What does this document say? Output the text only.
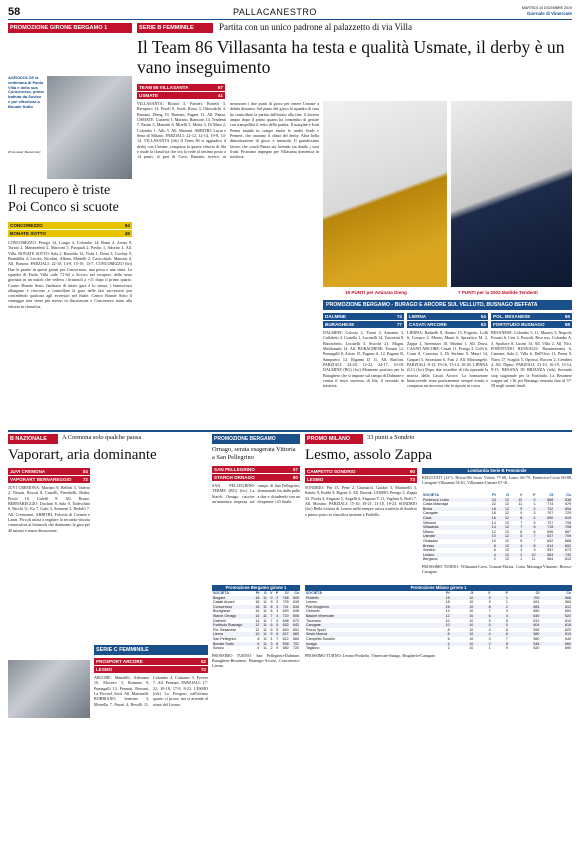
58	PALLACANESTRO	MARTEDÌ 10 DICEMBRE 2019
Giornale di Vimercate
PROMOZIONE GIRONE BERGAMO 1	SERIE B FEMMINILE	Partita con un unico padrone al palazzetto di via Villa
Il Team 86 Villasanta ha testa e qualità Usmate, il derby è un vano inseguimento
AGRODOLCE la settimana di Paolo Villa e della sua Concorezzo, prima battuta da Sovico e poi vittoriosa a Bonate Sotto
(Foto Alzar Buzzemimi)
Il recupero è triste Poi Conco si scuote
CONCOREZZO	64
BONATE SOTTO	45
CONCOREZZO: Perego 14, Longo 4, Colombo 14, Rami 4, Arena 8, Turato 2, Mammeletti 2, Marconi 5, Pasquali 2, Pavlin 1, Adorno 4. All. Villa. BONATE SOTTO: Sala 2, Rimoldo 14, Viola 1, Dossi 3, Govhay 9, Brambilla 4, Lecchi, Nicolini, Albani, Martelli 2, Cavicchioli, Mancini 4. All. Bonora. PARZIALI: 22-10, 14-9, 15-19, 13-7. CONCOREZZO (bo) Due le partite in questi giorni per Concorezzo, una persa e una vinta. La squadra di Paolo Villa cade 71-64 a Sovico nel recupero della sesta giornata in un match che vedeva i brianzoli a +11 dopo il primo quarto. Contro Bonate Sotto l'andazzo di inizio gara è lo stesso, i biancorossi allungano e riescono a controllare la gara nelle fasi successive pur concedendo qualcosa agli avversari nel finale. Contro Bonate Sotto il vantaggio non viene più messo in discussione e Concorezzo torna alla vittoria in classifica.
TEAM 86 VILLASANTA	67
USMATE	41
VILLASANTA: Bottari 3, Parueri, Bonetti 3, Recupero 13, Peroli 8, Sordi, Rossi 3, Odescalchi 4, Bassani, Dieng 19, Bonomi, Pagani 12. All. Panza. USMATE: Guzzetti 1, Marano, Bianconi 13, Tendenti 7, Pasini 5, Manzini 6, Mirelli 5, Motta 3, Di Maio 2, Colombo 1. Allo 5. All. Mamini. ARBITRI: Lucia e Sena di Milano. PARZIALI: 22-12, 12-14, 19-8, 14-14. VILLASANTA (fdr) Il Team 86 si aggiudica il derby con Usmate, conquista la quarta vittoria di fila e risale la classifica che ora la vede al settimo posto a 14 punti, al pari di Cava. Bastano, invece, ai nerazzurri i due punti di gioco per tenere Usmate a debita distanza. Sul piano del gioco la squadra di casa ha controllato la partita dall'inizio alla fine, il divario ampio dopo il primo quarto ha consentito di gestire con tranquillità il resto della partita. Il margine e Ivan Penna manda in campo anche le under Sordi e Pennerì, che onorano il clima del derby. Altra bella dimostrazione di gioco e intensità. Il grandissimo lavoro che coach Panza sta facendo sta dando i suoi frutti. Prossimo impegno per Villasanta domenica in trasferta.
19 PUNTI per Aminata Dieng	7 PUNTI per la 2002 Matilde Tendenti
PROMOZIONE BERGAMO - BURAGO E ARCORE SUL VELLUTO, BUSNAGO BEFFATA
DALMINE	74
BURAGHESE	77
DALMINE: Colosio 2, Tironi 3, Armanin 3, Caffoletti 4, Cortella 1, Locatelli 14, Vaccarini 8, Barzachetti, Locatelli 3, Stucchi 21, Magni, Maldonado 14. All. BURAGHESE: Tomasi 12, Pumagalli 8, Aristo 15, Pagano A. 12, Pagano B, Sampietro 12, Riganni D 11. All. Ruffoni. PARZIALI: 24-20, 12-22, 24-17, 16-18. DALMINE (BG) (fsc) Momento positivo per la Buraghese che si impone sul campo di Dalmine e centra il terzo successo di fila, il secondo in trasferta.
LIERNA	54
CASATI ARCORE	63
LIERNA: Radaelli 8, Amato 13, Frigerio, Lolli 6, Corsaro 2, Meraz, Mauri 6, Spreafico M. 2, Zappa 2, Invernizzi 10, Martini 1. All. Dossi. CASATI ARCORE: Casati 11, Perego 2, Colli 6, Comi 8, Caravina 3, Di Stefano 9, Mauri 14, Gaspari 5, Savastano 6, Fusi 2. All. Mistrangelo. PARZIALI: 8-13, 19-16, 15-14, 10-20. LIERNA (LC) (fsc) Dopo due sconfitte di fila riprende la marcia della Casati Arcore. La formazione biancoverde tenta praticamente sempre avanti e conquista un successo che la riporta in corsa.
POL. BESANESE	59
FORTITUDO BUSNAGO	58
BESANESE: Colombo 5, 11, Massey 5, Negroli, Fossati 6, Cesi 2, Pozzoli, Rive mo, Colombo A. 3, Spoltore 8, Lucini 14. All. Villa 2. All. Nici. FORTITUDO BUSNAGO: Bussaminnesi 6, Catenaz, Sala 2, Villa 6, Dell'Orto 11, Perna 9, Nava 17, Scaglia 5, Oprisso, Ruccea 2, Cemberi 4. All. Dipno. PARZIALI: 21-10, 16-19, 13-14, 9-15. BESANA IN BRIANZA (eds) Secondo stop stagionale per la Fortitudo. La Besanese scappa sul +16 poi Busnago rimonta fino al 57-58 negli istanti finali.
B NAZIONALE	A Cremona solo qualche pausa
Vaporart, aria dominante
JUVI CREMONA	54
VAPORART BERNAREGGIO 72
JUVI CREMONA: Mariani 9, Bellini 3, Valerio 2, Nissan, Boccai 8, Castelli, Pierobelli, Barba, Pesch 10, Gafelli 8. All. Bruno. BERNAREGGIO: Duchini 8, Sala 9, Todeschini 6, Bicchi 11, Ka 7, Gatti 3, Ammoni 3, Redolfi 7. All. Cremonesi. ARBITRI: Falcetto di Civanio e Lanzi. Piccoli inizia a regalare la seconda vittoria consecutiva ai brianzoli che dominano la gara per 40 minuti e senza discussione.
SERIE C FEMMINILE
PROSPORT ARCORE	52
LESMO	72
ARCORE: Mandelli, Adesamo 10, Mocavo 3, Romano 9, Pumagalli 13, Pennuti, Borsani, La Piccirel, Sivri. All. Martinelli. ROBBIANO: Ienerino 3, Motrella 7, Pasari 4, Revelli 11, Colombo 4, Cattaneo 3, Fevero 7. All. Penzani. PARZIALI: 17-22, 10-18, 17-9, 8-23. LESMO (ctk) Lo Prosport nell'ultimo quarto ci prova, ma si arrende al ritmo del Lesmo.
PROMOZIONE BERGAMO
Ornago, serata esagerata Vittoria a San Pellegrino
SAN PELLEGRINO	57
STARCH ORNAGO	80
SAN PELLEGRINO TERME (BG) (fsc) La Starch Ornago riscrive un'autentica impresa sul campo di San Pellegrino, dominando fin dalla palla a due e chiudendo con un eloquente +23 finale.
Promozione Bergamo girone 1
SOCIETÀ	Pt	G	V	P	Cf	Cs
Bolgare	18	11	9	2	768	609
Casati Arcore	18	11	9	2	739	639
Concorezzo	16	11	8	3	711	634
Buraghese	16	11	8	3	693	646
Starch Ornago	14	11	7	4	720	655
Dalmine	14	11	7	4	698	672
Fortitudo Busnago	12	11	6	5	652	643
Pol. Besanese	12	11	6	5	640	651
Lierna	10	11	5	6	627	660
San Pellegrino	8	11	4	7	612	684
Bonate Sotto	6	11	3	8	598	702
Sovico	4	11	2	9	580	720
PROSSIMO TURNO: San Pellegrino-Dalmine, Buraghese-Besanese, Busnago-Arcore, Concorezzo-Lierna.
PROMO MILANO	33 punti a Sondrio
Lesmo, assolo Zappa
CAMPETTO SONDRIO	60
LESMO	73
SONDRIO: Pin 15, Pene 2, Giumarol, Guidas 3, Martinelli 3, Rantic 9, Robbi 9, Rigoni 0. All. Borsak. LESMO: Perego 5, Zappa 33, Pirola 3, Sirguasi 5, Angelli 6, Sirguasi T 11, Vaghini 6, Boffi 7. All. Moratto. PARZIALI: 15-10, 18-21, 11-18, 19-23. SONDRIO (fsc) Bella vittoria di Lesmo nella sempre ostica trasferta di Sondrio e primo posto in classifica insieme a Pioltello.
Lombardia Serie B Femminile
RISULTATI (12^): Brixia-Mi bioro Vidoia 77-68, Lomo 66-79, Pontevico-Costa 60-88, Carugate-Villasanta 54-61, Villasanta-Usmate 67-41.
SOCIETÀ	Pt	G	V	P	Cf	Cs
Pontevico Lomo	24	12	12	0	868	638
Costa Masnaga	22	12	11	1	774	579
Brixia	18	12	9	3	742	654
Carugate	18	12	9	3	707	725
Cava	16	12	8	4	690	619
Vittuone	14	12	7	5	727	708
Villasanta	14	12	7	5	715	708
Milano	12	12	6	6	696	687
Usmate	10	12	5	7	637	709
Giussano	10	12	5	7	632	668
Bresso	8	12	4	8	614	692
Sondrio	6	12	3	9	557	673
Lurano	4	12	2	10	563	740
Bergamo	2	12	1	11	564	813
PROSSIMO TURNO: Villasanta-Cava, Usmate-Brixia, Costa Masnaga-Vittuone, Bresso-Carugate.
Promozione Milano girone 1
SOCIETÀ	Pt	G	V	P	Cf	Cs
Pioltello	18	10	9	1	700	566
Lesmo	18	10	9	1	691	584
Pob Brugherio	16	10	8	2	684	612
Cinisello	14	10	7	3	650	600
Basket Vimercate	12	10	6	4	640	622
Trezzano	10	10	5	5	612	610
Carugate	10	10	5	5	604	618
Pozzo Sport	8	10	4	6	590	620
Sesto Monza	8	10	4	6	580	615
Campetto Sondrio	6	10	3	7	560	640
Inzago	4	10	2	8	548	660
Tagliuno	2	10	1	9	520	690
PROSSIMO TURNO: Lesmo-Pioltello, Vimercate-Inzago, Brugherio-Carugate.
